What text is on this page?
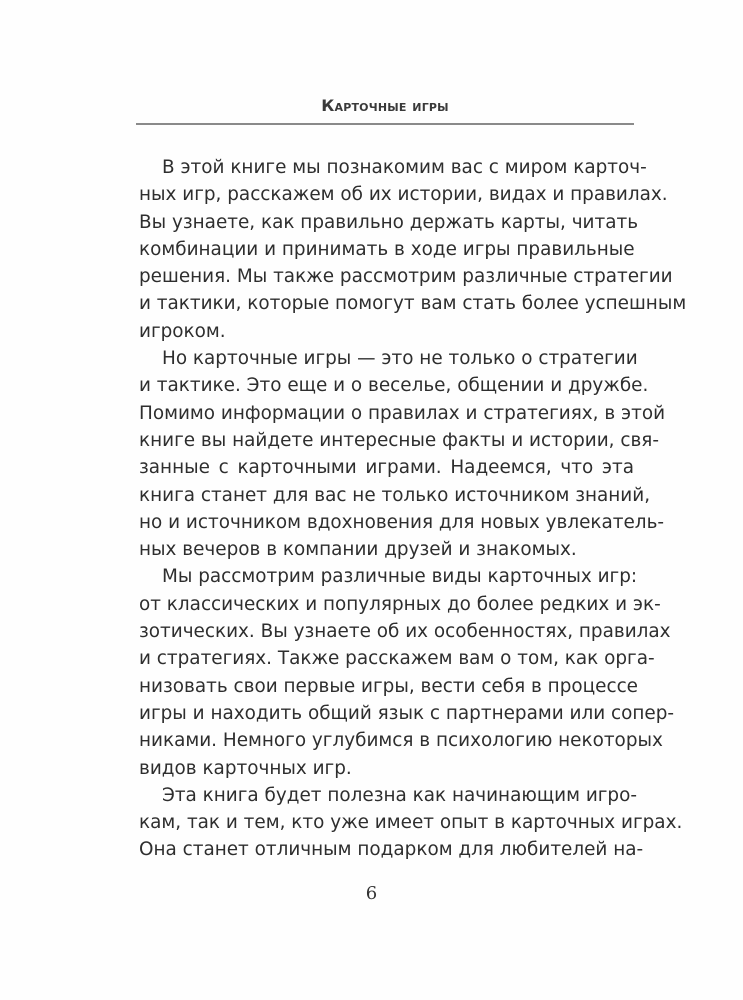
Карточные игры
В этой книге мы познакомим вас с миром карточ-
ных игр, расскажем об их истории, видах и правилах.
Вы узнаете, как правильно держать карты, читать
комбинации и принимать в ходе игры правильные
решения. Мы также рассмотрим различные стратегии
и тактики, которые помогут вам стать более успешным
игроком.
Но карточные игры — это не только о стратегии
и тактике. Это еще и о веселье, общении и дружбе.
Помимо информации о правилах и стратегиях, в этой
книге вы найдете интересные факты и истории, свя-
занные с карточными играми. Надеемся, что эта
книга станет для вас не только источником знаний,
но и источником вдохновения для новых увлекатель-
ных вечеров в компании друзей и знакомых.
Мы рассмотрим различные виды карточных игр:
от классических и популярных до более редких и эк-
зотических. Вы узнаете об их особенностях, правилах
и стратегиях. Также расскажем вам о том, как орга-
низовать свои первые игры, вести себя в процессе
игры и находить общий язык с партнерами или сопер-
никами. Немного углубимся в психологию некоторых
видов карточных игр.
Эта книга будет полезна как начинающим игро-
кам, так и тем, кто уже имеет опыт в карточных играх.
Она станет отличным подарком для любителей на-
6
